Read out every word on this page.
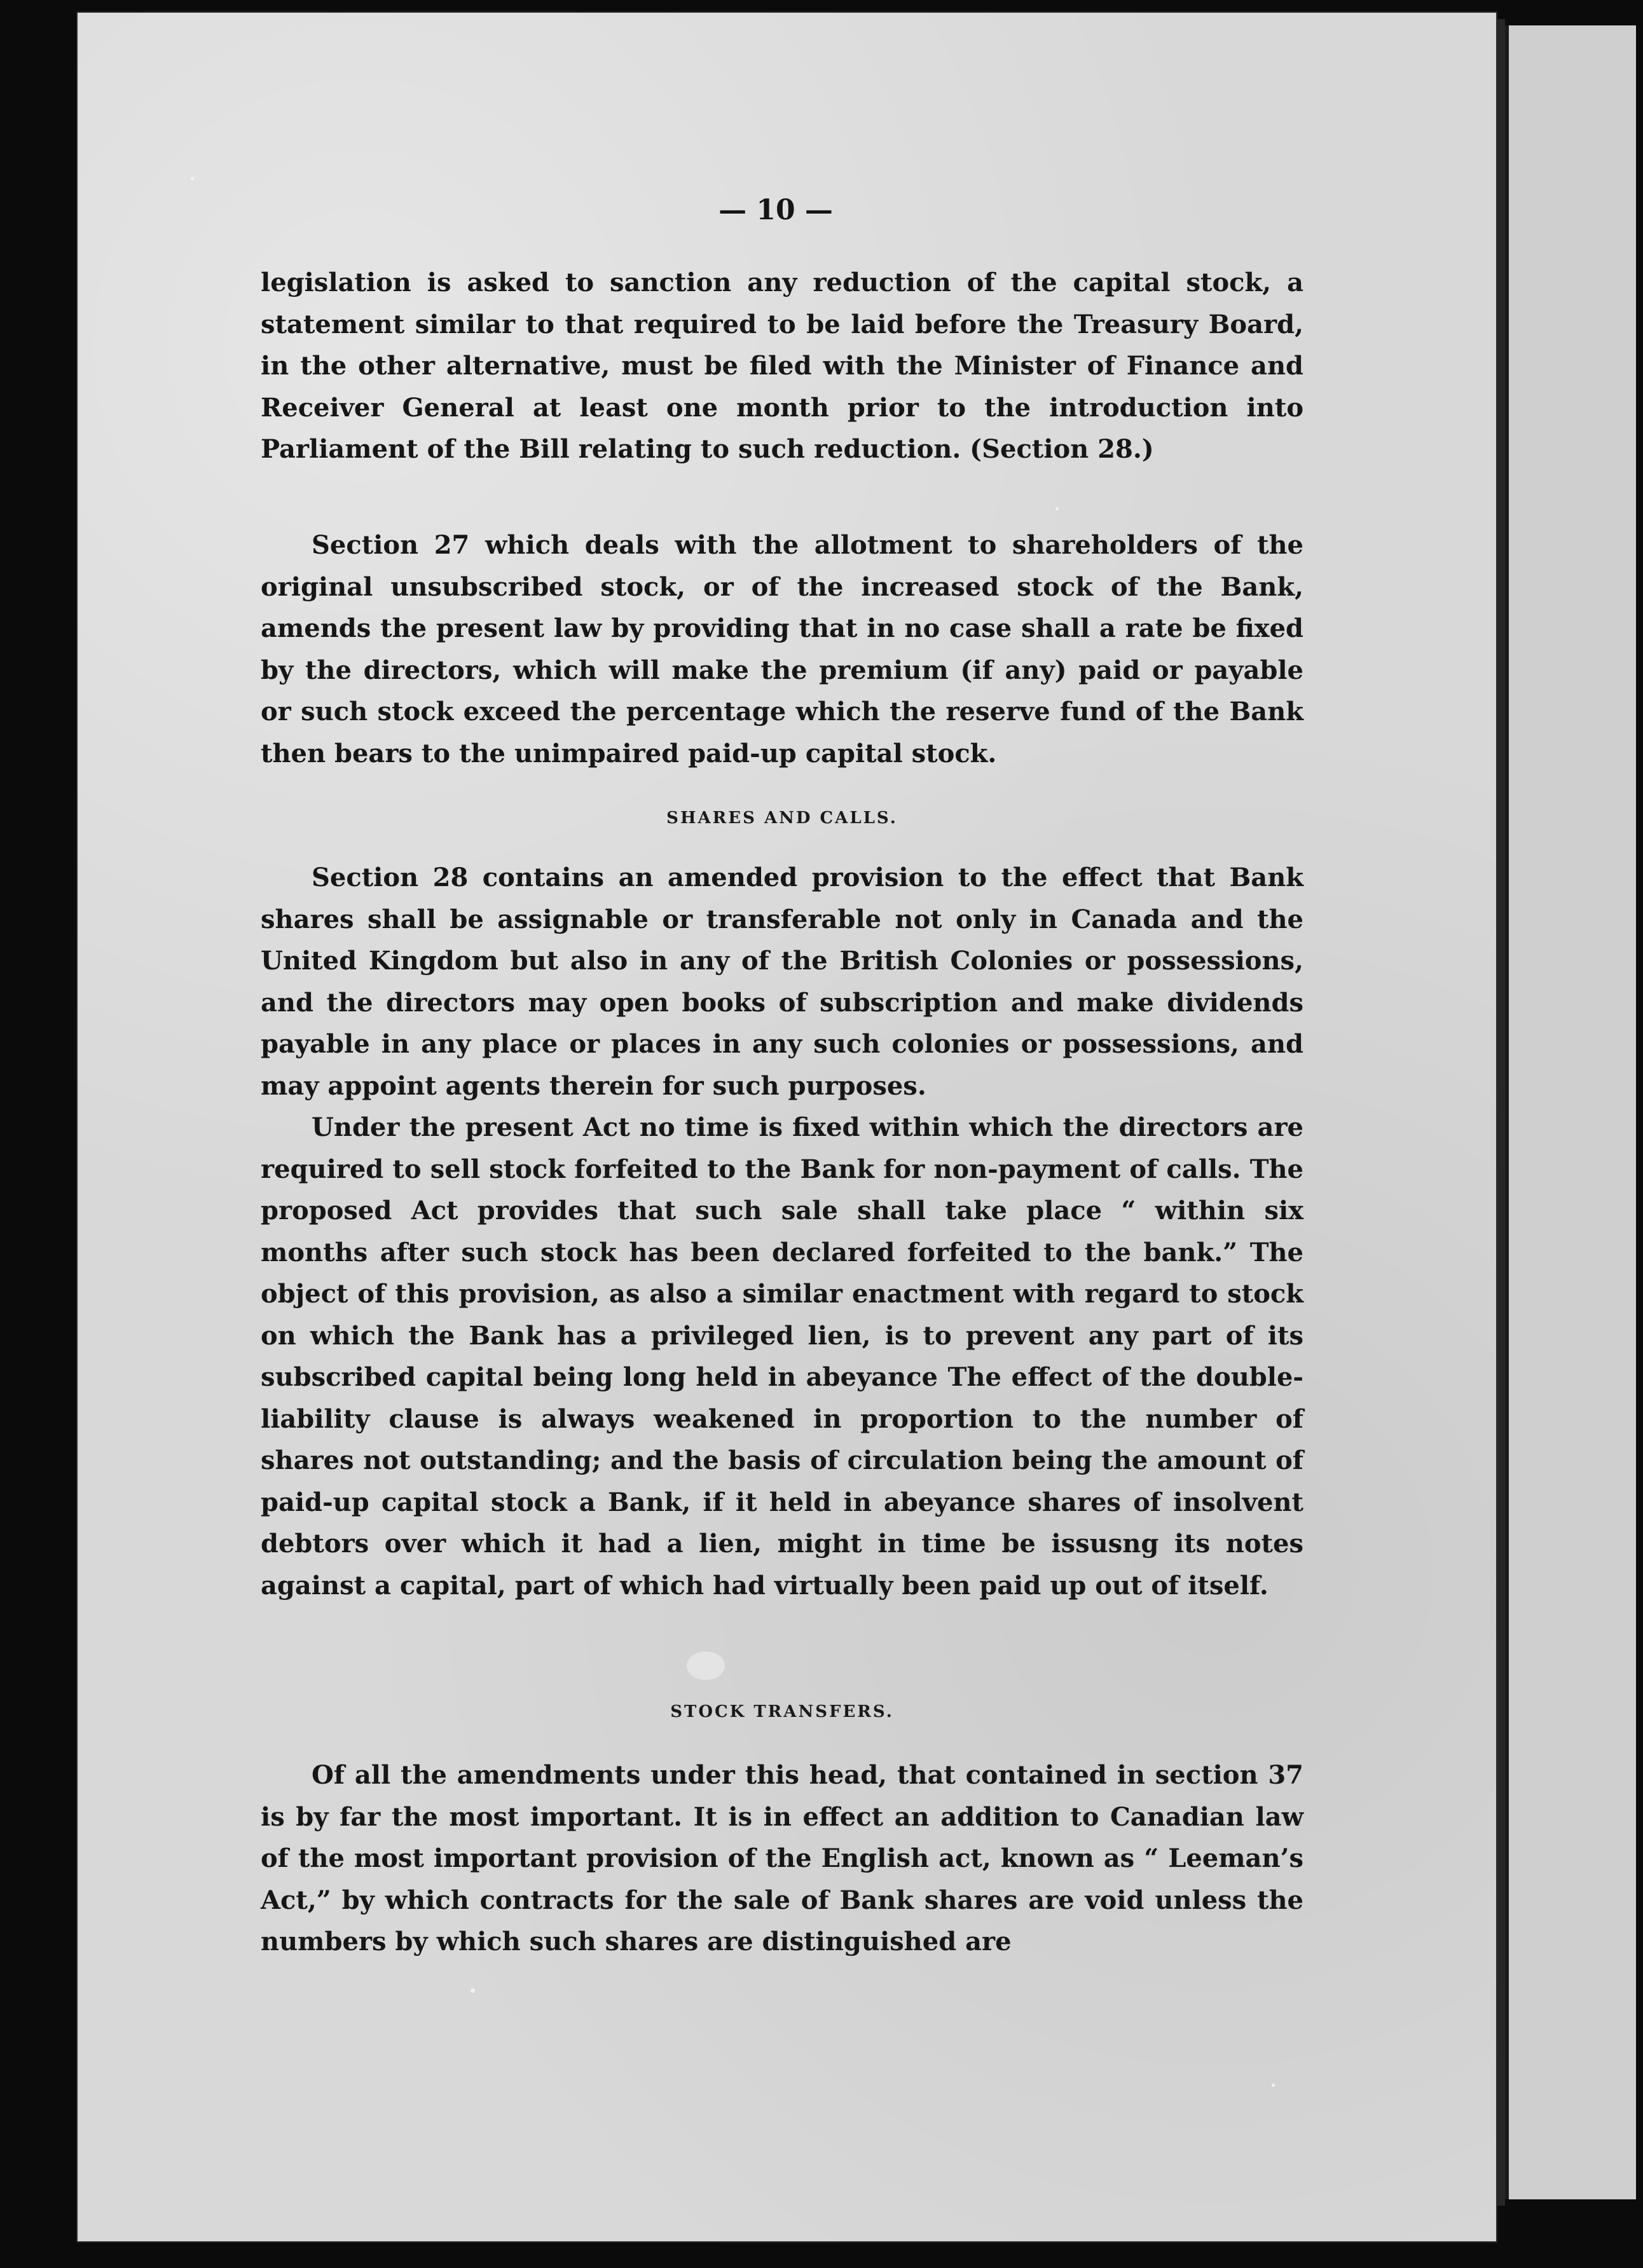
— 10 —

legislation is asked to sanction any reduction of the capital stock, a statement similar to that required to be laid before the Treasury Board, in the other alternative, must be filed with the Minister of Finance and Receiver General at least one month prior to the introduction into Parliament of the Bill relating to such reduction. (Section 28.)

Section 27 which deals with the allotment to shareholders of the original unsubscribed stock, or of the increased stock of the Bank, amends the present law by providing that in no case shall a rate be fixed by the directors, which will make the premium (if any) paid or payable or such stock exceed the percentage which the reserve fund of the Bank then bears to the unimpaired paid-up capital stock.

SHARES AND CALLS.

Section 28 contains an amended provision to the effect that Bank shares shall be assignable or transferable not only in Canada and the United Kingdom but also in any of the British Colonies or possessions, and the directors may open books of subscription and make dividends payable in any place or places in any such colonies or possessions, and may appoint agents therein for such purposes.

Under the present Act no time is fixed within which the directors are required to sell stock forfeited to the Bank for non-payment of calls. The proposed Act provides that such sale shall take place “ within six months after such stock has been declared forfeited to the bank.” The object of this provision, as also a similar enactment with regard to stock on which the Bank has a privileged lien, is to prevent any part of its subscribed capital being long held in abeyance The effect of the double-liability clause is always weakened in proportion to the number of shares not outstanding; and the basis of circulation being the amount of paid-up capital stock a Bank, if it held in abeyance shares of insolvent debtors over which it had a lien, might in time be issusng its notes against a capital, part of which had virtually been paid up out of itself.

STOCK TRANSFERS.

Of all the amendments under this head, that contained in section 37 is by far the most important. It is in effect an addition to Canadian law of the most important provision of the English act, known as “ Leeman’s Act,” by which contracts for the sale of Bank shares are void unless the numbers by which such shares are distinguished are
